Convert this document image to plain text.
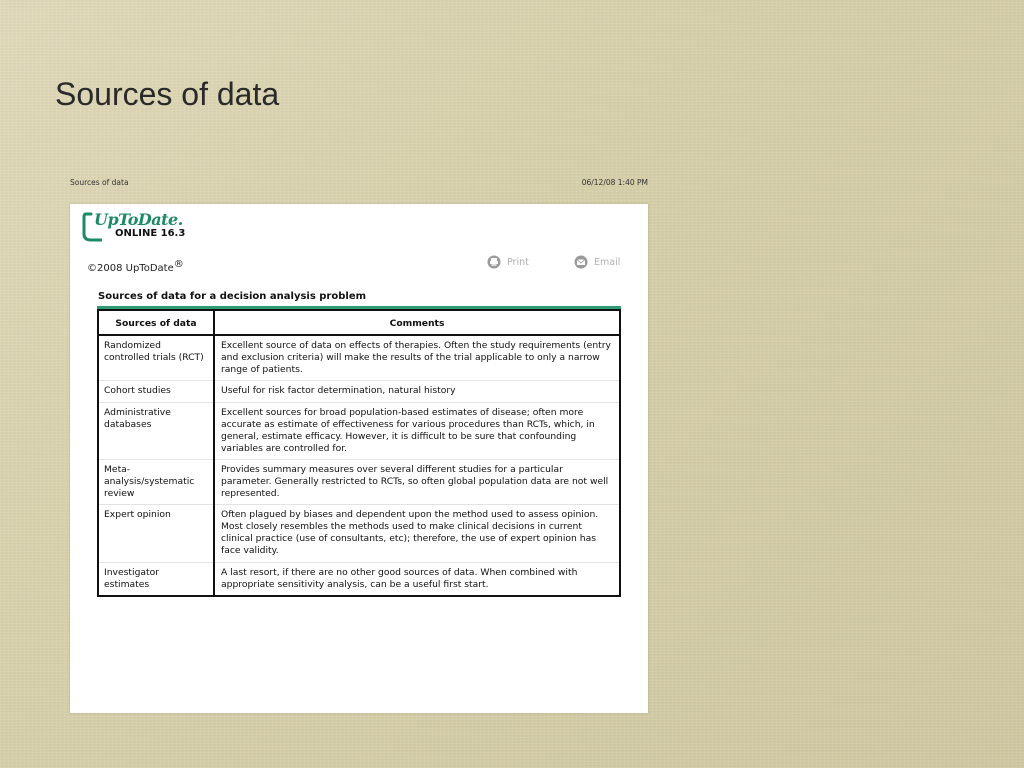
Sources of data
Sources of data	06/12/08 1:40 PM
UpToDate.
ONLINE 16.3
©2008 UpToDate®	Print	Email
Sources of data for a decision analysis problem
Sources of data	Comments
Randomized controlled trials (RCT)	Excellent source of data on effects of therapies. Often the study requirements (entry and exclusion criteria) will make the results of the trial applicable to only a narrow range of patients.
Cohort studies	Useful for risk factor determination, natural history
Administrative databases	Excellent sources for broad population-based estimates of disease; often more accurate as estimate of effectiveness for various procedures than RCTs, which, in general, estimate efficacy. However, it is difficult to be sure that confounding variables are controlled for.
Meta-analysis/systematic review	Provides summary measures over several different studies for a particular parameter. Generally restricted to RCTs, so often global population data are not well represented.
Expert opinion	Often plagued by biases and dependent upon the method used to assess opinion. Most closely resembles the methods used to make clinical decisions in current clinical practice (use of consultants, etc); therefore, the use of expert opinion has face validity.
Investigator estimates	A last resort, if there are no other good sources of data. When combined with appropriate sensitivity analysis, can be a useful first start.
